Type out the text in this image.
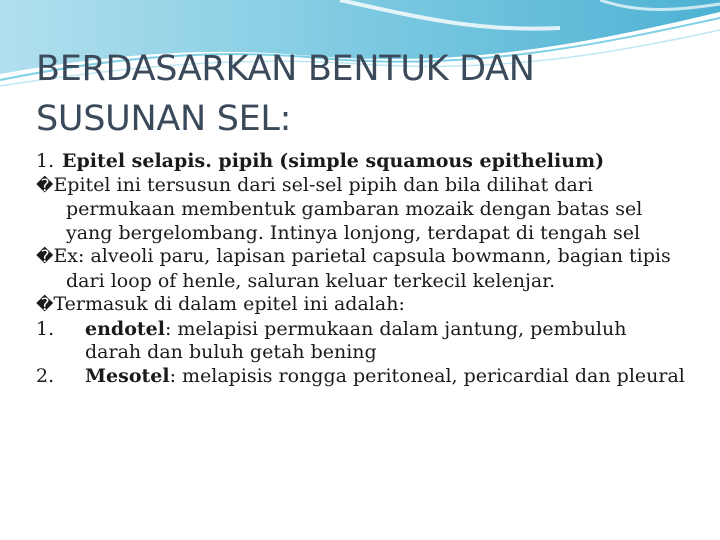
BERDASARKAN BENTUK DAN
SUSUNAN SEL:
1. Epitel selapis. pipih (simple squamous epithelium)
�Epitel ini tersusun dari sel-sel pipih dan bila dilihat dari permukaan membentuk gambaran mozaik dengan batas sel yang bergelombang. Intinya lonjong, terdapat di tengah sel
�Ex: alveoli paru, lapisan parietal capsula bowmann, bagian tipis dari loop of henle, saluran keluar terkecil kelenjar.
�Termasuk di dalam epitel ini adalah:
1. endotel: melapisi permukaan dalam jantung, pembuluh darah dan buluh getah bening
2. Mesotel: melapisis rongga peritoneal, pericardial dan pleural
